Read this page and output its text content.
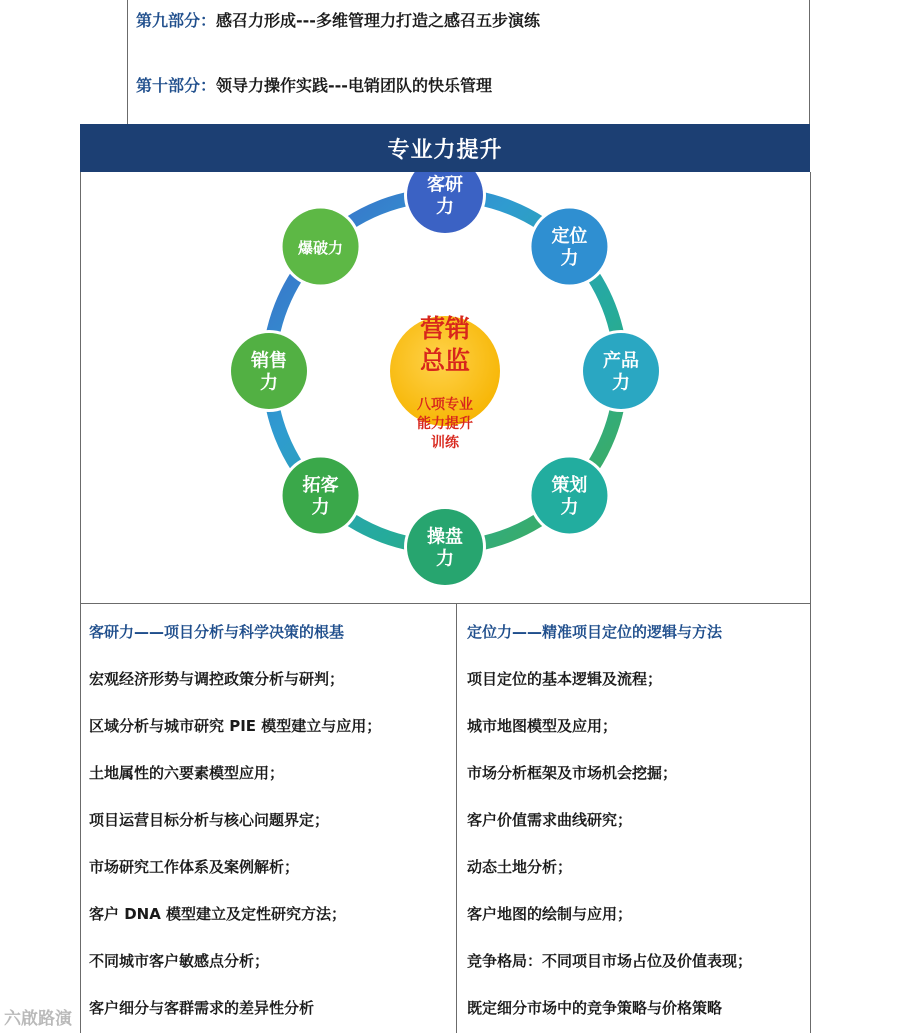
第九部分：感召力形成---多维管理力打造之感召五步演练
第十部分：领导力操作实践---电销团队的快乐管理
专业力提升
营销
总监
八项专业
能力提升
训练
客研
力
定位
力
产品
力
策划
力
操盘
力
拓客
力
销售
力
爆破力
客研力——项目分析与科学决策的根基
宏观经济形势与调控政策分析与研判；
区域分析与城市研究 PIE 模型建立与应用；
土地属性的六要素模型应用；
项目运营目标分析与核心问题界定；
市场研究工作体系及案例解析；
客户 DNA 模型建立及定性研究方法；
不同城市客户敏感点分析；
客户细分与客群需求的差异性分析
定位力——精准项目定位的逻辑与方法
项目定位的基本逻辑及流程；
城市地图模型及应用；
市场分析框架及市场机会挖掘；
客户价值需求曲线研究；
动态土地分析；
客户地图的绘制与应用；
竞争格局：不同项目市场占位及价值表现；
既定细分市场中的竞争策略与价格策略
六啟路演
